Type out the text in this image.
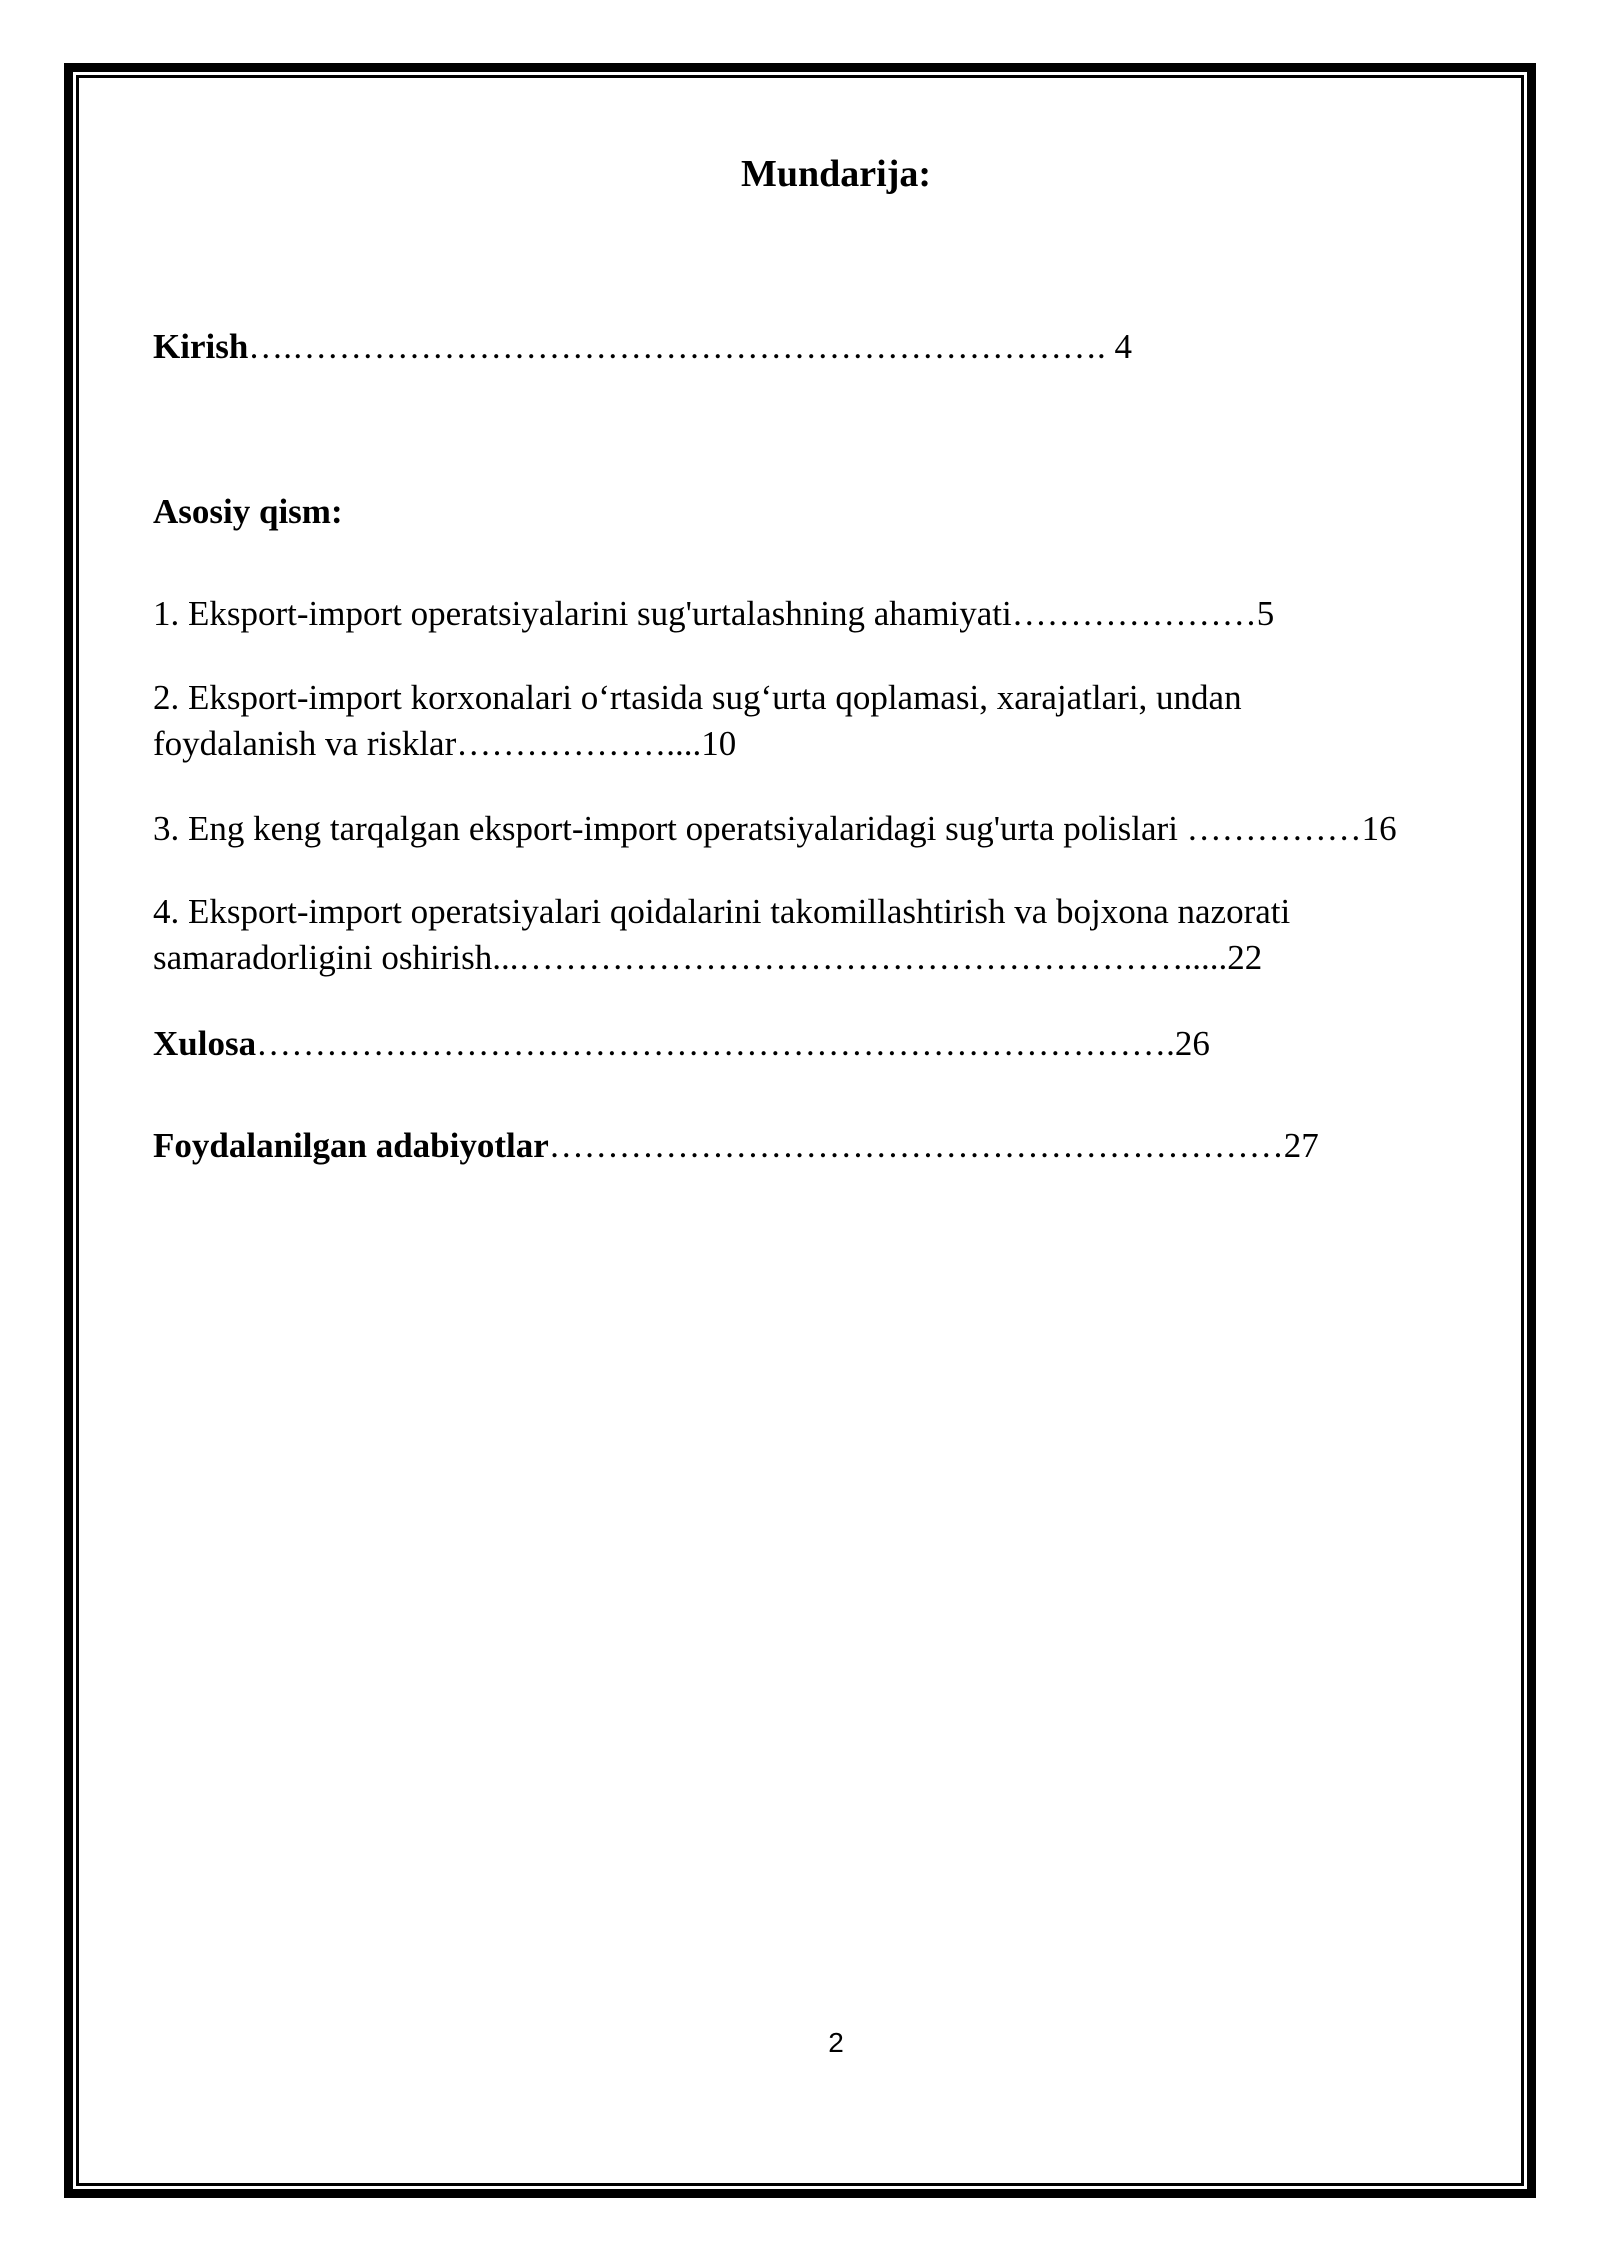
Mundarija:
Kirish….……………………………………………………………. 4
Asosiy qism:
1. Eksport-import operatsiyalarini sug'urtalashning ahamiyati…………………5
2. Eksport-import korxonalari o‘rtasida sug‘urta qoplamasi, xarajatlari, undan
foydalanish va risklar………………....10
3. Eng keng tarqalgan eksport-import operatsiyalaridagi sug'urta polislari ……………16
4. Eksport-import operatsiyalari qoidalarini takomillashtirish va bojxona nazorati
samaradorligini oshirish...………………………………………………….....22
Xulosa…………………………………………………………………….26
Foydalanilgan adabiyotlar………………………………………………………27
2
